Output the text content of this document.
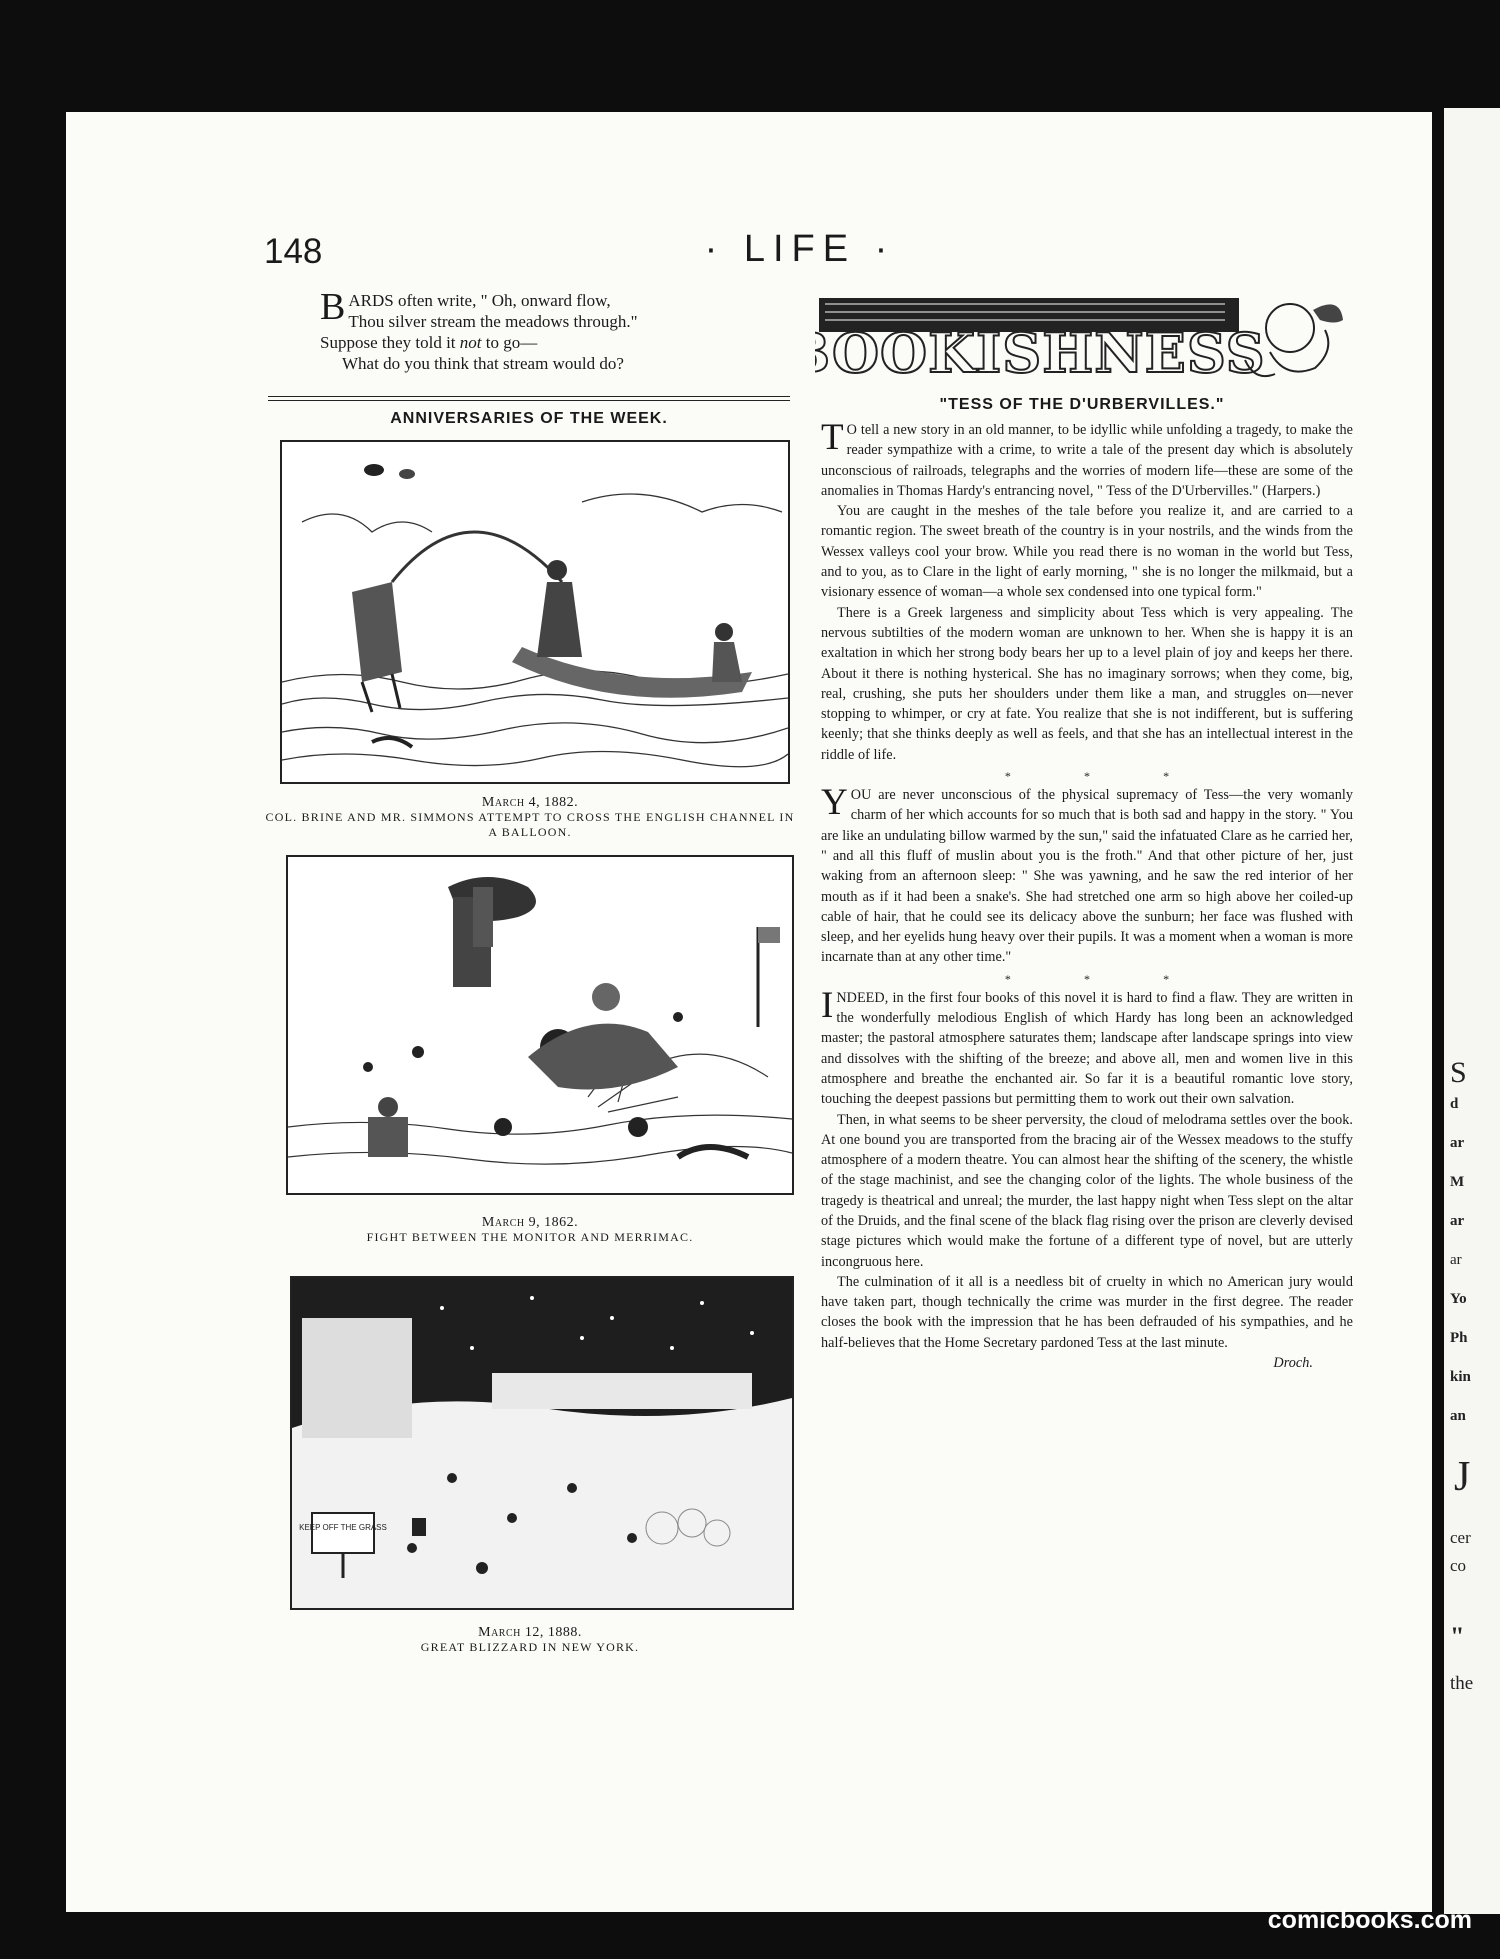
S
d
ar
M
ar
ar
Yo
Ph
kin
an
J
cer
co
"
the
148	· LIFE ·
BARDS often write, " Oh, onward flow,
Thou silver stream the meadows through."
Suppose they told it not to go—
What do you think that stream would do?
ANNIVERSARIES OF THE WEEK.
March 4, 1882.
COL. BRINE AND MR. SIMMONS ATTEMPT TO CROSS THE ENGLISH CHANNEL IN A BALLOON.
March 9, 1862.
FIGHT BETWEEN THE MONITOR AND MERRIMAC.
KEEP OFF THE GRASS
March 12, 1888.
GREAT BLIZZARD IN NEW YORK.
BOOKISHNESS
"TESS OF THE D'URBERVILLES."

T O tell a new story in an old manner, to be idyllic while unfolding a tragedy, to make the reader sympathize with a crime, to write a tale of the present day which is absolutely unconscious of railroads, telegraphs and the worries of modern life—these are some of the anomalies in Thomas Hardy's entrancing novel, " Tess of the D'Urbervilles." (Harpers.)

You are caught in the meshes of the tale before you realize it, and are carried to a romantic region. The sweet breath of the country is in your nostrils, and the winds from the Wessex valleys cool your brow. While you read there is no woman in the world but Tess, and to you, as to Clare in the light of early morning, " she is no longer the milkmaid, but a visionary essence of woman—a whole sex condensed into one typical form."

There is a Greek largeness and simplicity about Tess which is very appealing. The nervous subtilties of the modern woman are unknown to her. When she is happy it is an exaltation in which her strong body bears her up to a level plain of joy and keeps her there. About it there is nothing hysterical. She has no imaginary sorrows; when they come, big, real, crushing, she puts her shoulders under them like a man, and struggles on—never stopping to whimper, or cry at fate. You realize that she is not indifferent, but is suffering keenly; that she thinks deeply as well as feels, and that she has an intellectual interest in the riddle of life.

* * *

YOU are never unconscious of the physical supremacy of Tess—the very womanly charm of her which accounts for so much that is both sad and happy in the story. " You are like an undulating billow warmed by the sun," said the infatuated Clare as he carried her, " and all this fluff of muslin about you is the froth." And that other picture of her, just waking from an afternoon sleep: " She was yawning, and he saw the red interior of her mouth as if it had been a snake's. She had stretched one arm so high above her coiled-up cable of hair, that he could see its delicacy above the sunburn; her face was flushed with sleep, and her eyelids hung heavy over their pupils. It was a moment when a woman is more incarnate than at any other time."

* * *

INDEED, in the first four books of this novel it is hard to find a flaw. They are written in the wonderfully melodious English of which Hardy has long been an acknowledged master; the pastoral atmosphere saturates them; landscape after landscape springs into view and dissolves with the shifting of the breeze; and above all, men and women live in this atmosphere and breathe the enchanted air. So far it is a beautiful romantic love story, touching the deepest passions but permitting them to work out their own salvation.

Then, in what seems to be sheer perversity, the cloud of melodrama settles over the book. At one bound you are transported from the bracing air of the Wessex meadows to the stuffy atmosphere of a modern theatre. You can almost hear the shifting of the scenery, the whistle of the stage machinist, and see the changing color of the lights. The whole business of the tragedy is theatrical and unreal; the murder, the last happy night when Tess slept on the altar of the Druids, and the final scene of the black flag rising over the prison are cleverly devised stage pictures which would make the fortune of a different type of novel, but are utterly incongruous here.

The culmination of it all is a needless bit of cruelty in which no American jury would have taken part, though technically the crime was murder in the first degree. The reader closes the book with the impression that he has been defrauded of his sympathies, and he half-believes that the Home Secretary pardoned Tess at the last minute.

Droch.
comicbooks.com
